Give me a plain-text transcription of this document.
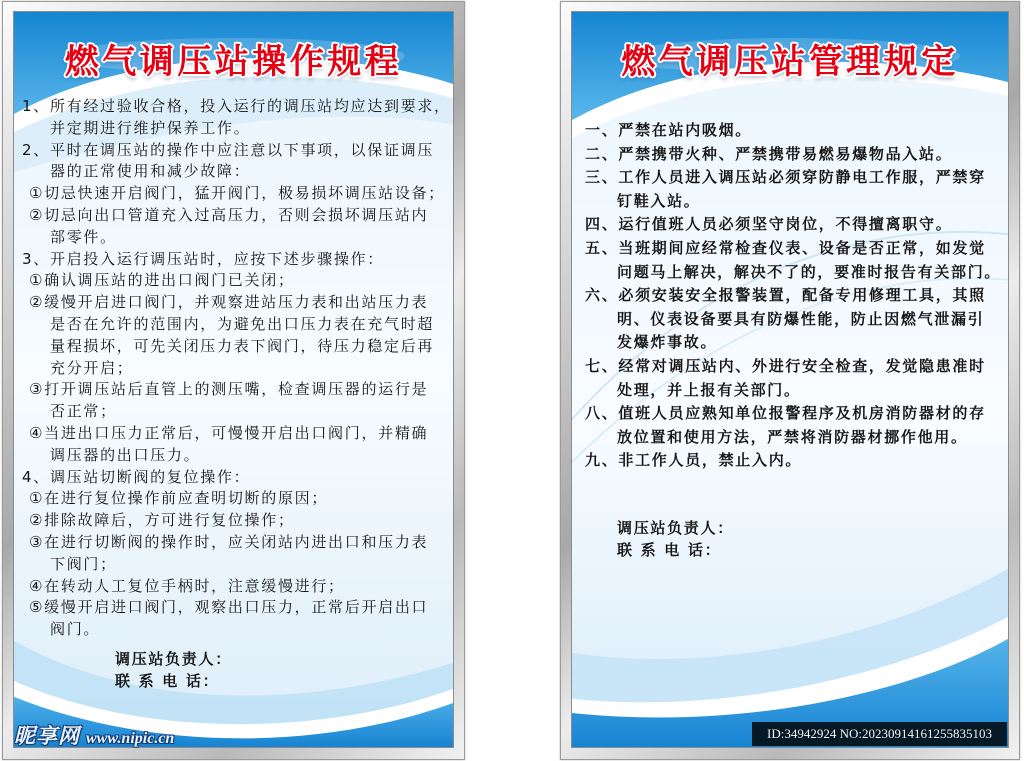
燃气调压站操作规程
1、所有经过验收合格，投入运行的调压站均应达到要求，
并定期进行维护保养工作。
2、平时在调压站的操作中应注意以下事项，以保证调压
器的正常使用和减少故障：
①切忌快速开启阀门，猛开阀门，极易损坏调压站设备；
②切忌向出口管道充入过高压力，否则会损坏调压站内
部零件。
3、开启投入运行调压站时，应按下述步骤操作：
①确认调压站的进出口阀门已关闭；
②缓慢开启进口阀门，并观察进站压力表和出站压力表
是否在允许的范围内，为避免出口压力表在充气时超
量程损坏，可先关闭压力表下阀门，待压力稳定后再
充分开启；
③打开调压站后直管上的测压嘴，检查调压器的运行是
否正常；
④当进出口压力正常后，可慢慢开启出口阀门，并精确
调压器的出口压力。
4、调压站切断阀的复位操作：
①在进行复位操作前应查明切断的原因；
②排除故障后，方可进行复位操作；
③在进行切断阀的操作时，应关闭站内进出口和压力表
下阀门；
④在转动人工复位手柄时，注意缓慢进行；
⑤缓慢开启进口阀门，观察出口压力，正常后开启出口
阀门。
调压站负责人：
联 系 电 话：
燃气调压站管理规定
一、严禁在站内吸烟。
二、严禁携带火种、严禁携带易燃易爆物品入站。
三、工作人员进入调压站必须穿防静电工作服，严禁穿
钉鞋入站。
四、运行值班人员必须坚守岗位，不得擅离职守。
五、当班期间应经常检查仪表、设备是否正常，如发觉
问题马上解决，解决不了的，要准时报告有关部门。
六、必须安装安全报警装置，配备专用修理工具，其照
明、仪表设备要具有防爆性能，防止因燃气泄漏引
发爆炸事故。
七、经常对调压站内、外进行安全检查，发觉隐患准时
处理，并上报有关部门。
八、值班人员应熟知单位报警程序及机房消防器材的存
放位置和使用方法，严禁将消防器材挪作他用。
九、非工作人员，禁止入内。
调压站负责人：
联 系 电 话：
昵享网 www.nipic.cn	ID:34942924 NO:20230914161255835103
